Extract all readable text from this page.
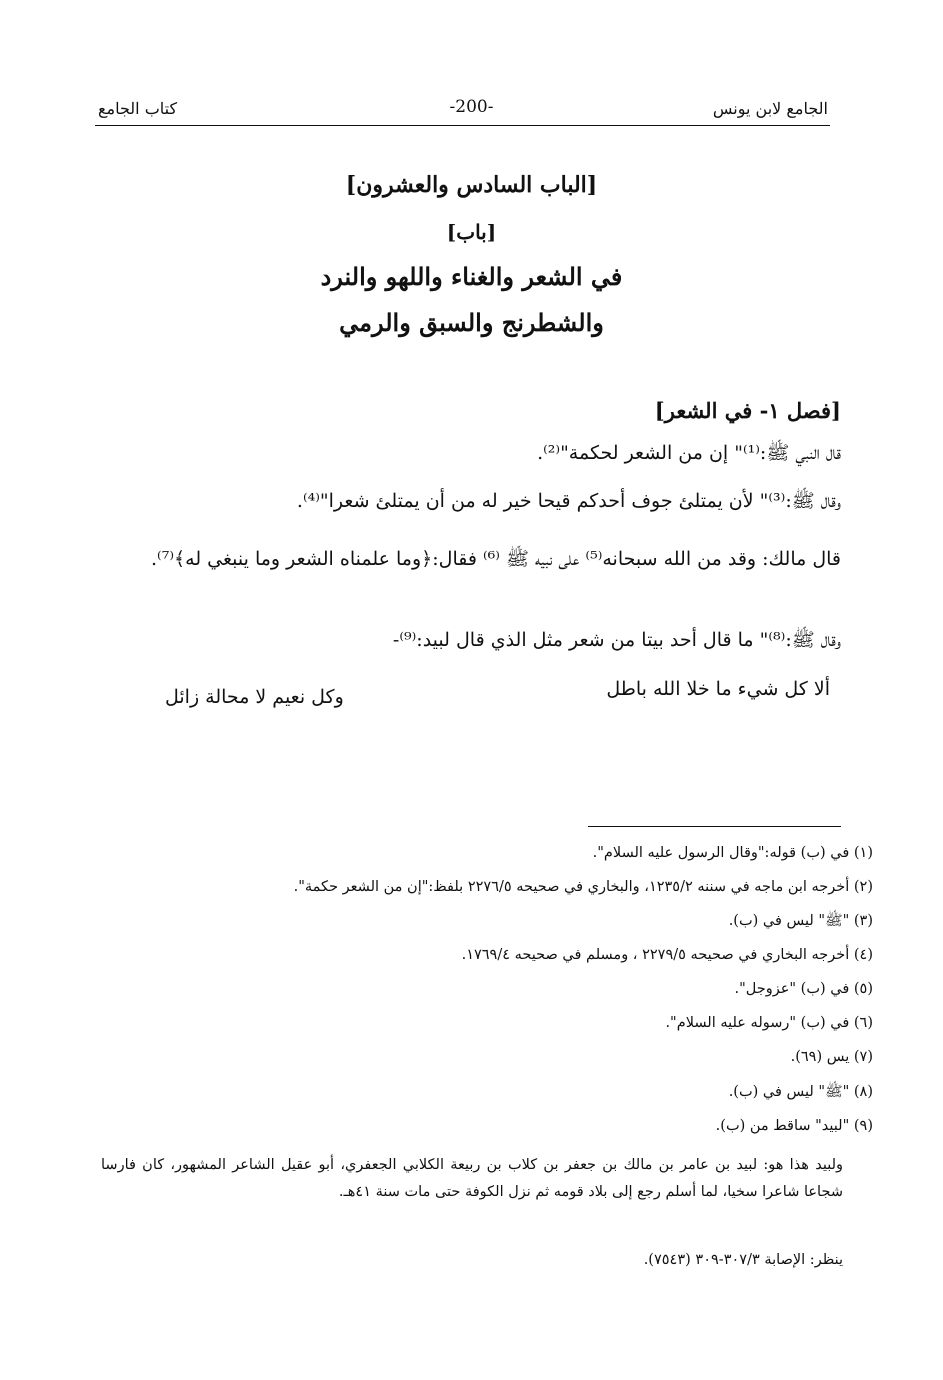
الجامع لابن يونس
-200-
كتاب الجامع
[الباب السادس والعشرون]
[باب]
في الشعر والغناء واللهو والنرد
والشطرنج والسبق والرمي
[فصل ١- في الشعر]
قال النبي ﷺ:⁽¹⁾" إن من الشعر لحكمة"⁽²⁾.
وقال ﷺ:⁽³⁾" لأن يمتلئ جوف أحدكم قيحا خير له من أن يمتلئ شعرا"⁽⁴⁾.
قال مالك: وقد من الله سبحانه⁽⁵⁾ على نبيه ﷺ ⁽⁶⁾ فقال:﴿وما علمناه الشعر وما ينبغي له﴾⁽⁷⁾.
وقال ﷺ:⁽⁸⁾" ما قال أحد بيتا من شعر مثل الذي قال لبيد:⁽⁹⁾-
ألا كل شيء ما خلا الله باطل
وكل نعيم لا محالة زائل
(١) في (ب) قوله:"وقال الرسول عليه السلام".
(٢) أخرجه ابن ماجه في سننه ١٢٣٥/٢، والبخاري في صحيحه ٢٢٧٦/٥ بلفظ:"إن من الشعر حكمة".
(٣) "ﷺ" ليس في (ب).
(٤) أخرجه البخاري في صحيحه ٢٢٧٩/٥ ، ومسلم في صحيحه ١٧٦٩/٤.
(٥) في (ب) "عزوجل".
(٦) في (ب) "رسوله عليه السلام".
(٧) يس (٦٩).
(٨) "ﷺ" ليس في (ب).
(٩) "لبيد" ساقط من (ب).
ولبيد هذا هو: لبيد بن عامر بن مالك بن جعفر بن كلاب بن ربيعة الكلابي الجعفري، أبو عقيل الشاعر المشهور، كان فارسا شجاعا شاعرا سخيا، لما أسلم رجع إلى بلاد قومه ثم نزل الكوفة حتى مات سنة ٤١هـ.
ينظر: الإصابة ٣٠٧/٣-٣٠٩ (٧٥٤٣).
